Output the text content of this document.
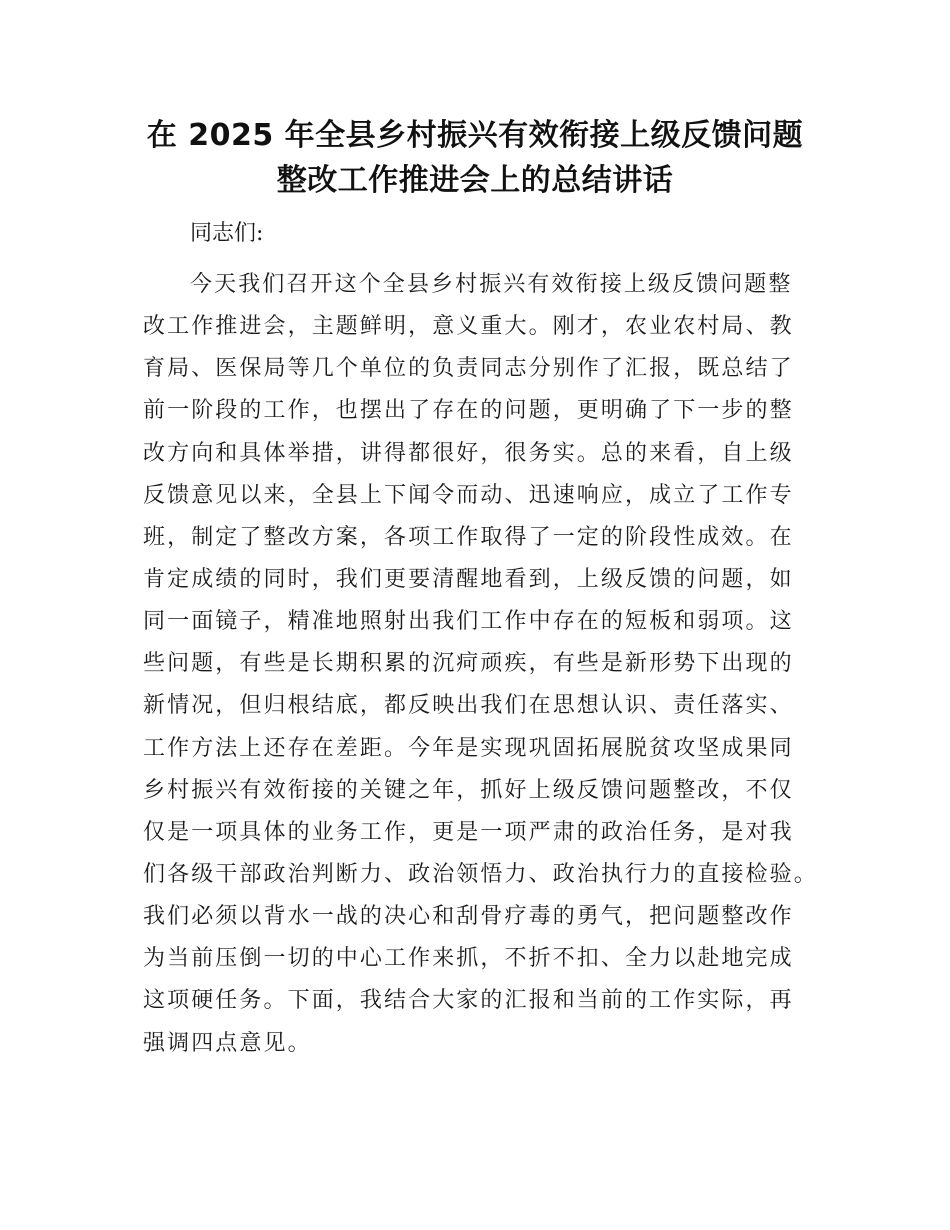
在 2025 年全县乡村振兴有效衔接上级反馈问题
整改工作推进会上的总结讲话
同志们:
今天我们召开这个全县乡村振兴有效衔接上级反馈问题整
改工作推进会，主题鲜明，意义重大。刚才，农业农村局、教
育局、医保局等几个单位的负责同志分别作了汇报，既总结了
前一阶段的工作，也摆出了存在的问题，更明确了下一步的整
改方向和具体举措，讲得都很好，很务实。总的来看，自上级
反馈意见以来，全县上下闻令而动、迅速响应，成立了工作专
班，制定了整改方案，各项工作取得了一定的阶段性成效。在
肯定成绩的同时，我们更要清醒地看到，上级反馈的问题，如
同一面镜子，精准地照射出我们工作中存在的短板和弱项。这
些问题，有些是长期积累的沉疴顽疾，有些是新形势下出现的
新情况，但归根结底，都反映出我们在思想认识、责任落实、
工作方法上还存在差距。今年是实现巩固拓展脱贫攻坚成果同
乡村振兴有效衔接的关键之年，抓好上级反馈问题整改，不仅
仅是一项具体的业务工作，更是一项严肃的政治任务，是对我
们各级干部政治判断力、政治领悟力、政治执行力的直接检验。
我们必须以背水一战的决心和刮骨疗毒的勇气，把问题整改作
为当前压倒一切的中心工作来抓，不折不扣、全力以赴地完成
这项硬任务。下面，我结合大家的汇报和当前的工作实际，再
强调四点意见。
